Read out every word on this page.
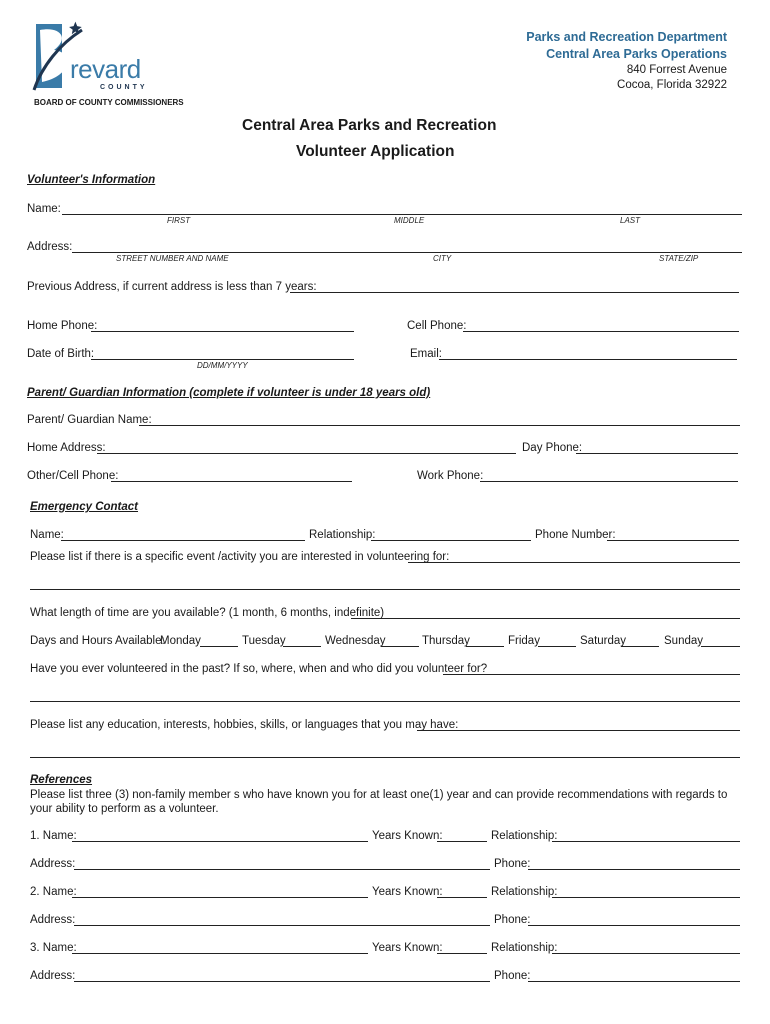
revard
COUNTY
BOARD OF COUNTY COMMISSIONERS
Parks and Recreation Department
Central Area Parks Operations
840 Forrest Avenue
Cocoa, Florida 32922
Central Area Parks and Recreation
Volunteer Application
Volunteer's Information
Name:
FIRST	MIDDLE	LAST
Address:
STREET NUMBER AND NAME	CITY	STATE/ZIP
Previous Address, if current address is less than 7 years:
Home Phone:	Cell Phone:
Date of Birth:
DD/MM/YYYY
Email:
Parent/ Guardian Information (complete if volunteer is under 18 years old)
Parent/ Guardian Name:
Home Address:	Day Phone:
Other/Cell Phone:	Work Phone:
Emergency Contact
Name:	Relationship:	Phone Number:
Please list if there is a specific event /activity you are interested in volunteering for:
What length of time are you available? (1 month, 6 months, indefinite)
Days and Hours Available:
Monday	Tuesday	Wednesday	Thursday	Friday	Saturday	Sunday
Have you ever volunteered in the past? If so, where, when and who did you volunteer for?
Please list any education, interests, hobbies, skills, or languages that you may have:
References
Please list three (3) non-family member s who have known you for at least one(1) year and can provide recommendations with regards to your ability to perform as a volunteer.
1. Name:	Years Known:	Relationship:
Address:	Phone:
2. Name:	Years Known:	Relationship:
Address:	Phone:
3. Name:	Years Known:	Relationship:
Address:	Phone:
